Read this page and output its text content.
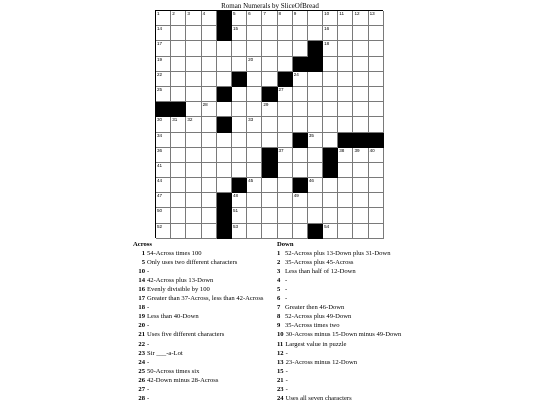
Roman Numerals by SliceOfBread
1	2	3	4	5	6	7	8	9	10 11 12 13
14	15	16
17	18
19	20
22	24
25	27
28	29
30 31 32	33
34	35
36	37	38 39 40
41
44	45	46
47	48	49
50	51
52	53	54
Across
1 54-Across times 100
5 Only uses two different characters
10 -
14 42-Across plus 13-Down
16 Evenly divisible by 100
17 Greater than 37-Across, less than 42-Across
18 -
19 Less than 40-Down
20 -
21 Uses five different characters
22 -
23 Sir ___-a-Lot
24 -
25 50-Across times six
26 42-Down minus 28-Across
27 -
28 -
Down
1 52-Across plus 13-Down plus 31-Down
2 35-Across plus 45-Across
3 Less than half of 12-Down
4 -
5 -
6 -
7 Greater then 46-Down
8 52-Across plus 49-Down
9 35-Across times two
10 30-Across minus 15-Down minus 49-Down
11 Largest value in puzzle
12 -
13 23-Across minus 12-Down
15 -
21 -
23 -
24 Uses all seven characters
